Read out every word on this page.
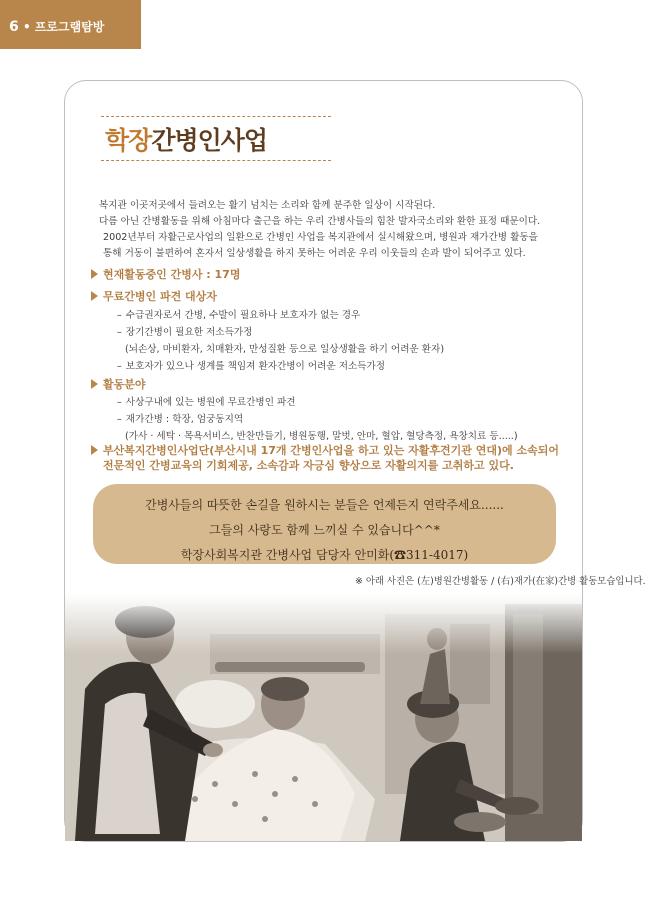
6 • 프로그램탐방
학장간병인사업

복지관 이곳저곳에서 들려오는 활기 넘치는 소리와 함께 분주한 일상이 시작된다.

다름 아닌 간병활동을 위해 아침마다 출근을 하는 우리 간병사들의 힘찬 발자국소리와 환한 표정 때문이다.

2002년부터 자활근로사업의 일환으로 간병인 사업을 복지관에서 실시해왔으며, 병원과 재가간병 활동을

통해 거동이 불편하여 혼자서 일상생활을 하지 못하는 어려운 우리 이웃들의 손과 발이 되어주고 있다.

현재활동중인 간병사 : 17명
무료간병인 파견 대상자
– 수급권자로서 간병, 수발이 필요하나 보호자가 없는 경우
– 장기간병이 필요한 저소득가정
(뇌손상, 마비환자, 치매환자, 만성질환 등으로 일상생활을 하기 어려운 환자)
– 보호자가 있으나 생계를 책임져 환자간병이 어려운 저소득가정
활동분야
– 사상구내에 있는 병원에 무료간병인 파견
– 재가간병 : 학장, 엄궁동지역
(가사 · 세탁 · 목욕서비스, 반찬만들기, 병원동행, 말벗, 안마, 혈압, 혈당측정, 욕창치료 등.....)
부산복지간병인사업단(부산시내 17개 간병인사업을 하고 있는 자활후견기관 연대)에 소속되어
전문적인 간병교육의 기회제공, 소속감과 자긍심 향상으로 자활의지를 고취하고 있다.
간병사들의 따뜻한 손길을 원하시는 분들은 언제든지 연락주세요......
그들의 사랑도 함께 느끼실 수 있습니다^^*
학장사회복지관 간병사업 담당자 안미화(☎311-4017)
※ 아래 사진은 (左)병원간병활동 / (右)재가(在家)간병 활동모습입니다.
